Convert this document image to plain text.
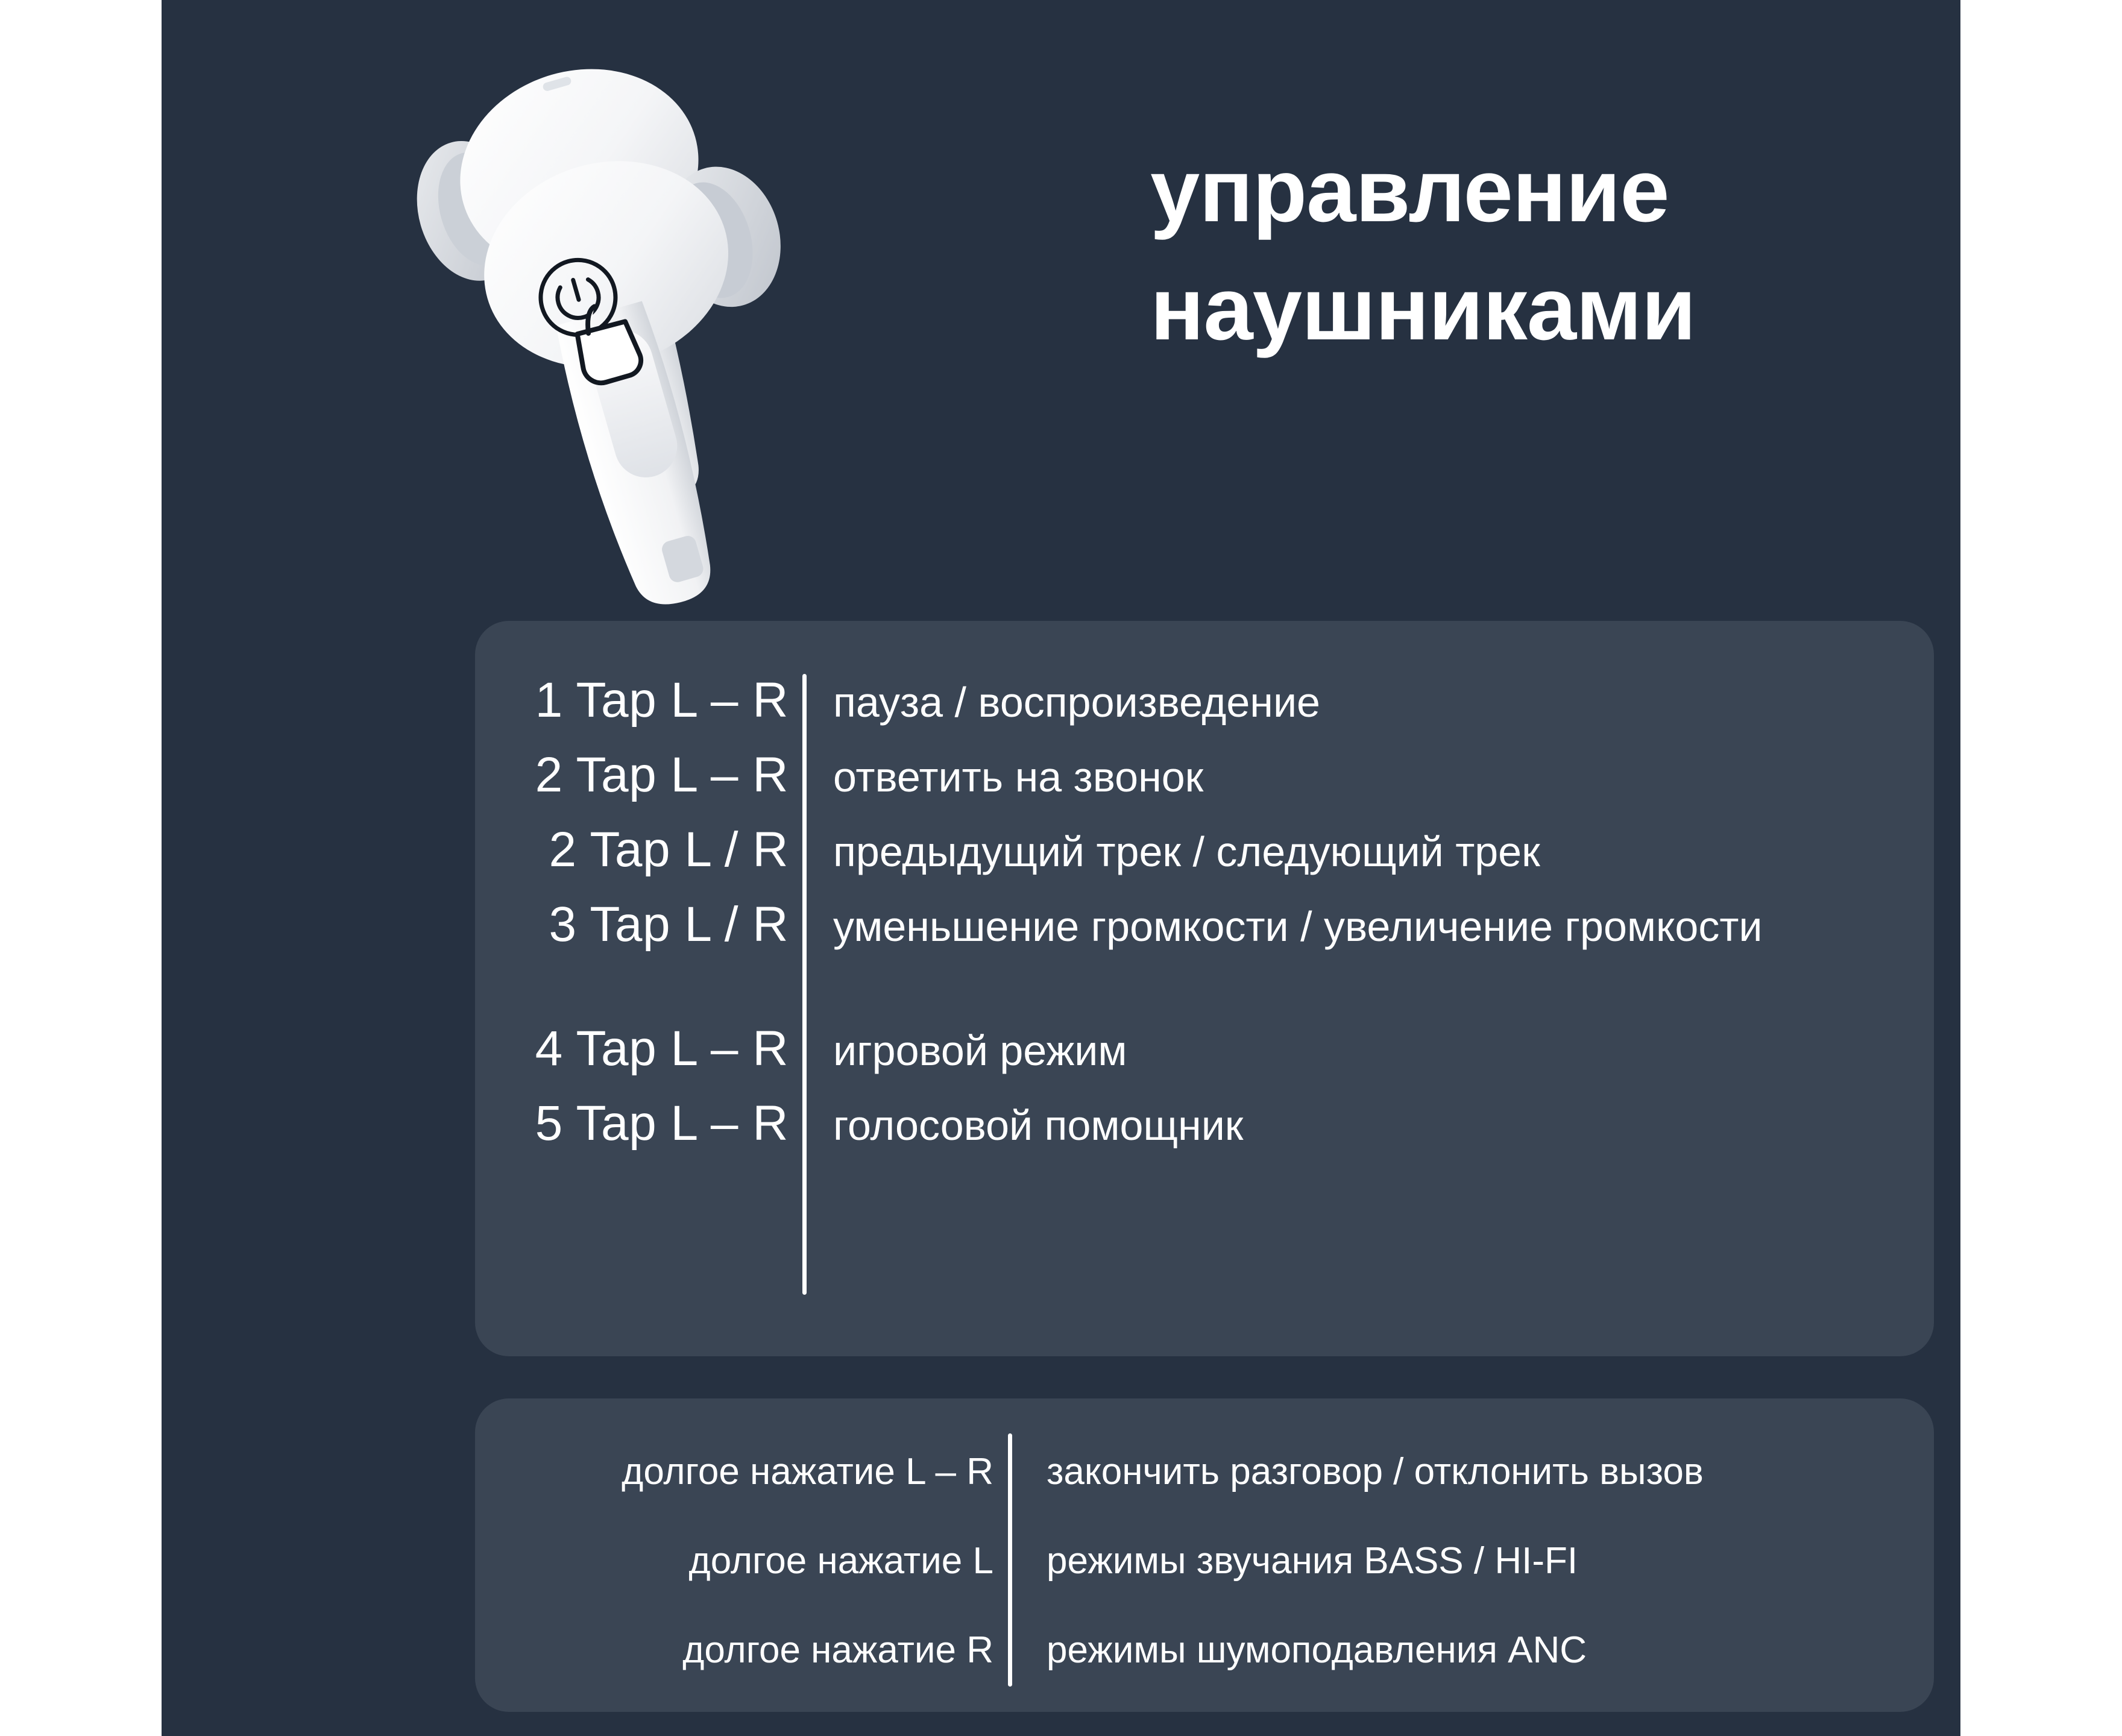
управление
наушниками
1 Tap L – R	пауза / воспроизведение
2 Tap L – R	ответить на звонок
2 Tap L / R	предыдущий трек / следующий трек
3 Tap L / R	уменьшение громкости / увеличение громкости
4 Tap L – R	игровой режим
5 Tap L – R	голосовой помощник
долгое нажатие L – R	закончить разговор / отклонить вызов
долгое нажатие L	режимы звучания BASS / HI-FI
долгое нажатие R	режимы шумоподавления ANC
